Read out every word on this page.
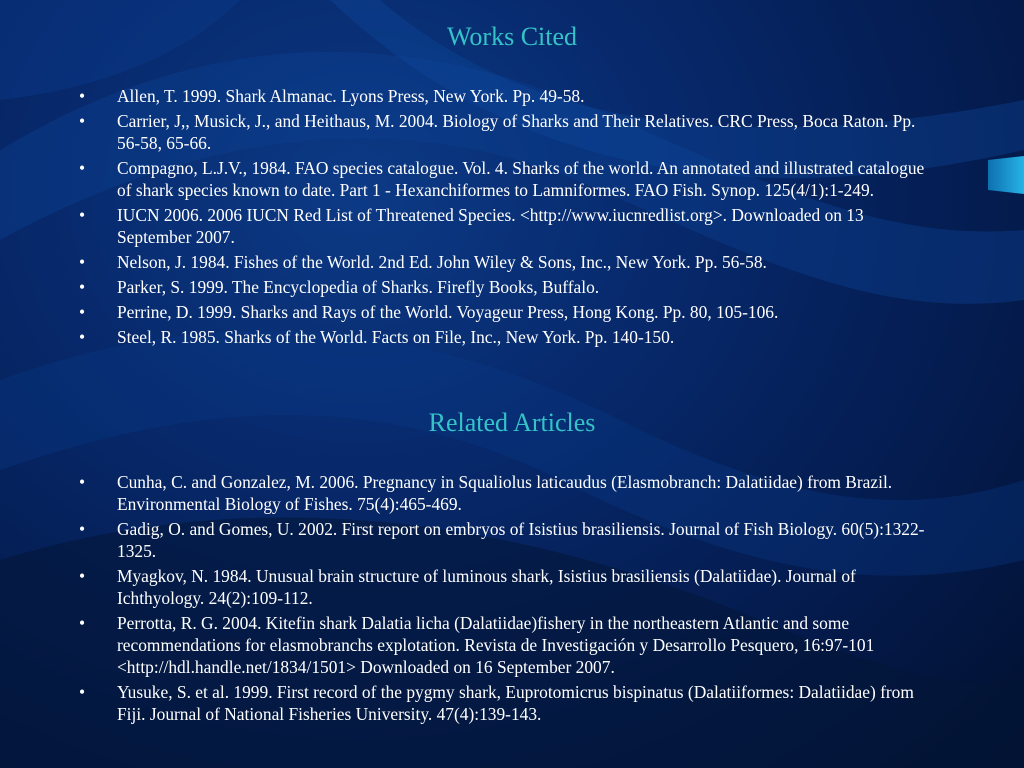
Works Cited
• Allen, T. 1999. Shark Almanac. Lyons Press, New York. Pp. 49-58.
• Carrier, J,, Musick, J., and Heithaus, M. 2004. Biology of Sharks and Their Relatives. CRC Press, Boca Raton. Pp. 56-58, 65-66.
• Compagno, L.J.V., 1984. FAO species catalogue. Vol. 4. Sharks of the world. An annotated and illustrated catalogue of shark species known to date. Part 1 - Hexanchiformes to Lamniformes. FAO Fish. Synop. 125(4/1):1-249.
• IUCN 2006. 2006 IUCN Red List of Threatened Species. <http://www.iucnredlist.org>. Downloaded on 13 September 2007.
• Nelson, J. 1984. Fishes of the World. 2nd Ed. John Wiley & Sons, Inc., New York. Pp. 56-58.
• Parker, S. 1999. The Encyclopedia of Sharks. Firefly Books, Buffalo.
• Perrine, D. 1999. Sharks and Rays of the World. Voyageur Press, Hong Kong. Pp. 80, 105-106.
• Steel, R. 1985. Sharks of the World. Facts on File, Inc., New York. Pp. 140-150.
Related Articles
• Cunha, C. and Gonzalez, M. 2006. Pregnancy in Squaliolus laticaudus (Elasmobranch: Dalatiidae) from Brazil. Environmental Biology of Fishes. 75(4):465-469.
• Gadig, O. and Gomes, U. 2002. First report on embryos of Isistius brasiliensis. Journal of Fish Biology. 60(5):1322-1325.
• Myagkov, N. 1984. Unusual brain structure of luminous shark, Isistius brasiliensis (Dalatiidae). Journal of Ichthyology. 24(2):109-112.
• Perrotta, R. G. 2004. Kitefin shark Dalatia licha (Dalatiidae)fishery in the northeastern Atlantic and some recommendations for elasmobranchs explotation. Revista de Investigación y Desarrollo Pesquero, 16:97-101 <http://hdl.handle.net/1834/1501> Downloaded on 16 September 2007.
• Yusuke, S. et al. 1999. First record of the pygmy shark, Euprotomicrus bispinatus (Dalatiiformes: Dalatiidae) from Fiji. Journal of National Fisheries University. 47(4):139-143.
